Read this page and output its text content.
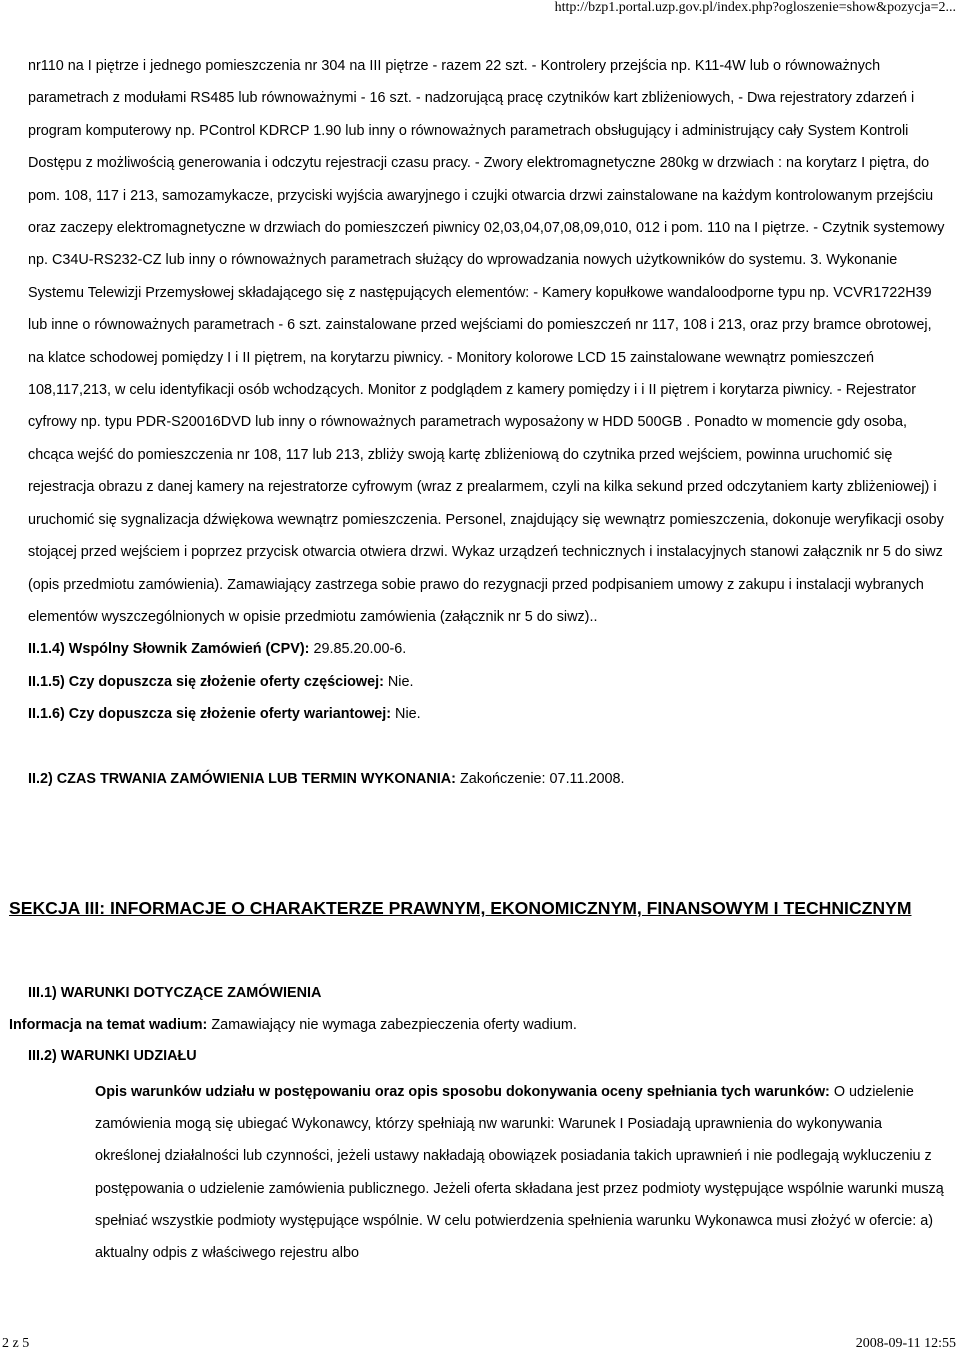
http://bzp1.portal.uzp.gov.pl/index.php?ogloszenie=show&pozycja=2...

nr110 na I piętrze i jednego pomieszczenia nr 304 na III piętrze - razem 22 szt. - Kontrolery przejścia np. K11-4W lub o równoważnych parametrach z modułami RS485 lub równoważnymi - 16 szt. - nadzorującą pracę czytników kart zbliżeniowych, - Dwa rejestratory zdarzeń i program komputerowy np. PControl KDRCP 1.90 lub inny o równoważnych parametrach obsługujący i administrujący cały System Kontroli Dostępu z możliwością generowania i odczytu rejestracji czasu pracy. - Zwory elektromagnetyczne 280kg w drzwiach : na korytarz I piętra, do pom. 108, 117 i 213, samozamykacze, przyciski wyjścia awaryjnego i czujki otwarcia drzwi zainstalowane na każdym kontrolowanym przejściu oraz zaczepy elektromagnetyczne w drzwiach do pomieszczeń piwnicy 02,03,04,07,08,09,010, 012 i pom. 110 na I piętrze. - Czytnik systemowy np. C34U-RS232-CZ lub inny o równoważnych parametrach służący do wprowadzania nowych użytkowników do systemu. 3. Wykonanie Systemu Telewizji Przemysłowej składającego się z następujących elementów: - Kamery kopułkowe wandaloodporne typu np. VCVR1722H39 lub inne o równoważnych parametrach - 6 szt. zainstalowane przed wejściami do pomieszczeń nr 117, 108 i 213, oraz przy bramce obrotowej, na klatce schodowej pomiędzy I i II piętrem, na korytarzu piwnicy. - Monitory kolorowe LCD 15 zainstalowane wewnątrz pomieszczeń 108,117,213, w celu identyfikacji osób wchodzących. Monitor z podglądem z kamery pomiędzy i i II piętrem i korytarza piwnicy. - Rejestrator cyfrowy np. typu PDR-S20016DVD lub inny o równoważnych parametrach wyposażony w HDD 500GB . Ponadto w momencie gdy osoba, chcąca wejść do pomieszczenia nr 108, 117 lub 213, zbliży swoją kartę zbliżeniową do czytnika przed wejściem, powinna uruchomić się rejestracja obrazu z danej kamery na rejestratorze cyfrowym (wraz z prealarmem, czyli na kilka sekund przed odczytaniem karty zbliżeniowej) i uruchomić się sygnalizacja dźwiękowa wewnątrz pomieszczenia. Personel, znajdujący się wewnątrz pomieszczenia, dokonuje weryfikacji osoby stojącej przed wejściem i poprzez przycisk otwarcia otwiera drzwi. Wykaz urządzeń technicznych i instalacyjnych stanowi załącznik nr 5 do siwz (opis przedmiotu zamówienia). Zamawiający zastrzega sobie prawo do rezygnacji przed podpisaniem umowy z zakupu i instalacji wybranych elementów wyszczególnionych w opisie przedmiotu zamówienia (załącznik nr 5 do siwz)..

II.1.4) Wspólny Słownik Zamówień (CPV): 29.85.20.00-6.

II.1.5) Czy dopuszcza się złożenie oferty częściowej: Nie.

II.1.6) Czy dopuszcza się złożenie oferty wariantowej: Nie.

II.2) CZAS TRWANIA ZAMÓWIENIA LUB TERMIN WYKONANIA: Zakończenie: 07.11.2008.

SEKCJA III: INFORMACJE O CHARAKTERZE PRAWNYM, EKONOMICZNYM, FINANSOWYM I TECHNICZNYM
III.1) WARUNKI DOTYCZĄCE ZAMÓWIENIA
Informacja na temat wadium: Zamawiający nie wymaga zabezpieczenia oferty wadium.
III.2) WARUNKI UDZIAŁU
Opis warunków udziału w postępowaniu oraz opis sposobu dokonywania oceny spełniania tych warunków: O udzielenie zamówienia mogą się ubiegać Wykonawcy, którzy spełniają nw warunki: Warunek I Posiadają uprawnienia do wykonywania określonej działalności lub czynności, jeżeli ustawy nakładają obowiązek posiadania takich uprawnień i nie podlegają wykluczeniu z postępowania o udzielenie zamówienia publicznego. Jeżeli oferta składana jest przez podmioty występujące wspólnie warunki muszą spełniać wszystkie podmioty występujące wspólnie. W celu potwierdzenia spełnienia warunku Wykonawca musi złożyć w ofercie: a) aktualny odpis z właściwego rejestru albo
2 z 5	2008-09-11 12:55
